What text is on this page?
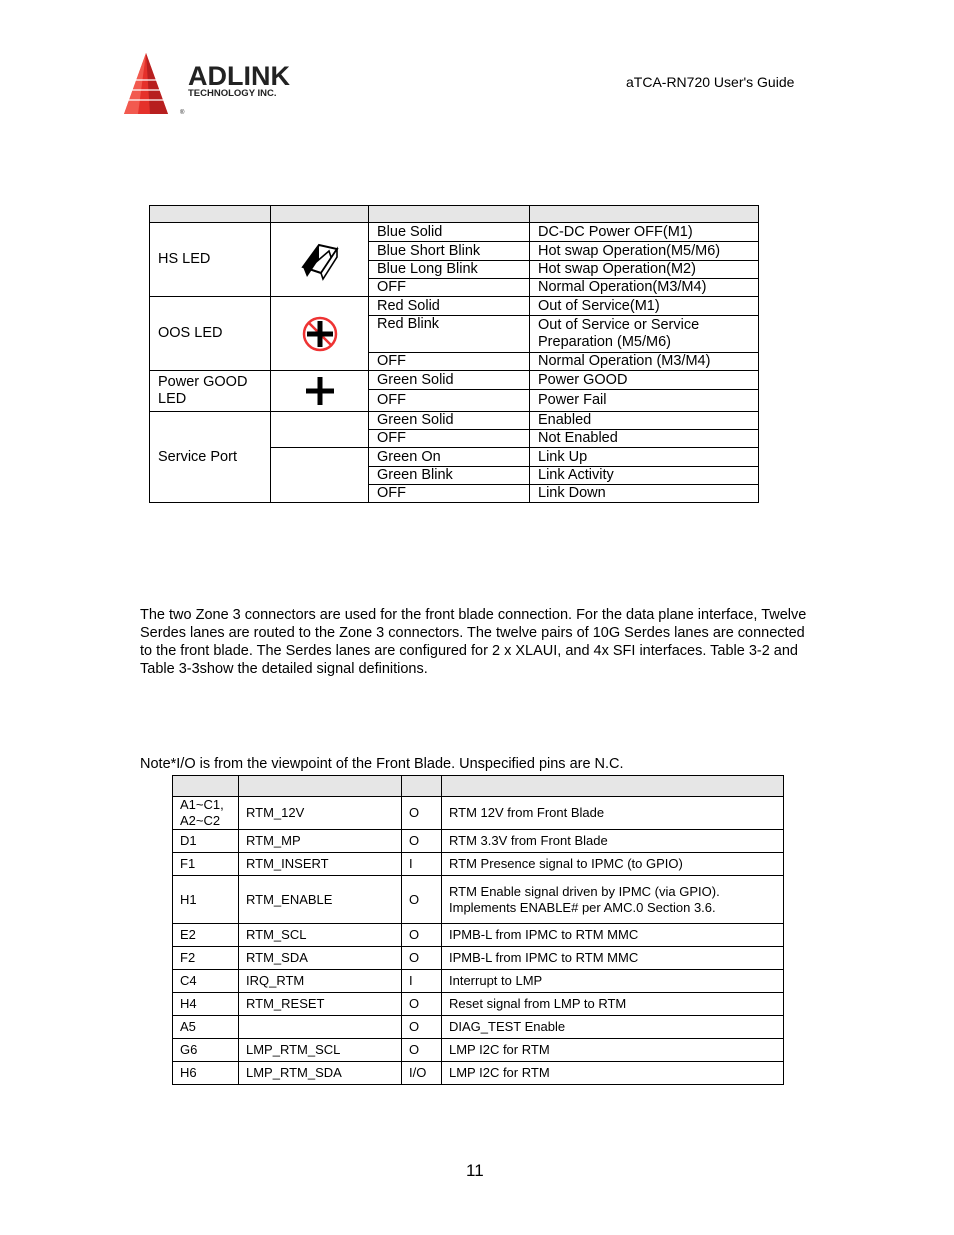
ADLINK
TECHNOLOGY INC.
®
aTCA-RN720 User's Guide

HS LED		Blue Solid	DC-DC Power OFF(M1)
		Blue Short Blink	Hot swap Operation(M5/M6)
		Blue Long Blink	Hot swap Operation(M2)
		OFF	Normal Operation(M3/M4)
OOS LED		Red Solid	Out of Service(M1)
		Red Blink	Out of Service or Service Preparation (M5/M6)
		OFF	Normal Operation (M3/M4)
Power GOOD LED		Green Solid	Power GOOD
		OFF	Power Fail
Service Port		Green Solid	Enabled
		OFF	Not Enabled
		Green On	Link Up
		Green Blink	Link Activity
		OFF	Link Down
The two Zone 3 connectors are used for the front blade connection. For the data plane interface, Twelve Serdes lanes are routed to the Zone 3 connectors. The twelve pairs of 10G Serdes lanes are connected to the front blade. The Serdes lanes are configured for 2 x XLAUI, and 4x SFI interfaces. Table 3-2 and Table 3-3show the detailed signal definitions.
Note*I/O is from the viewpoint of the Front Blade. Unspecified pins are N.C.

A1~C1, A2~C2	RTM_12V	O	RTM 12V from Front Blade
D1	RTM_MP	O	RTM 3.3V from Front Blade
F1	RTM_INSERT	I	RTM Presence signal to IPMC (to GPIO)
H1	RTM_ENABLE	O	RTM Enable signal driven by IPMC (via GPIO). Implements ENABLE# per AMC.0 Section 3.6.
E2	RTM_SCL	O	IPMB-L from IPMC to RTM MMC
F2	RTM_SDA	O	IPMB-L from IPMC to RTM MMC
C4	IRQ_RTM	I	Interrupt to LMP
H4	RTM_RESET	O	Reset signal from LMP to RTM
A5		O	DIAG_TEST Enable
G6	LMP_RTM_SCL	O	LMP I2C for RTM
H6	LMP_RTM_SDA	I/O	LMP I2C for RTM
11
